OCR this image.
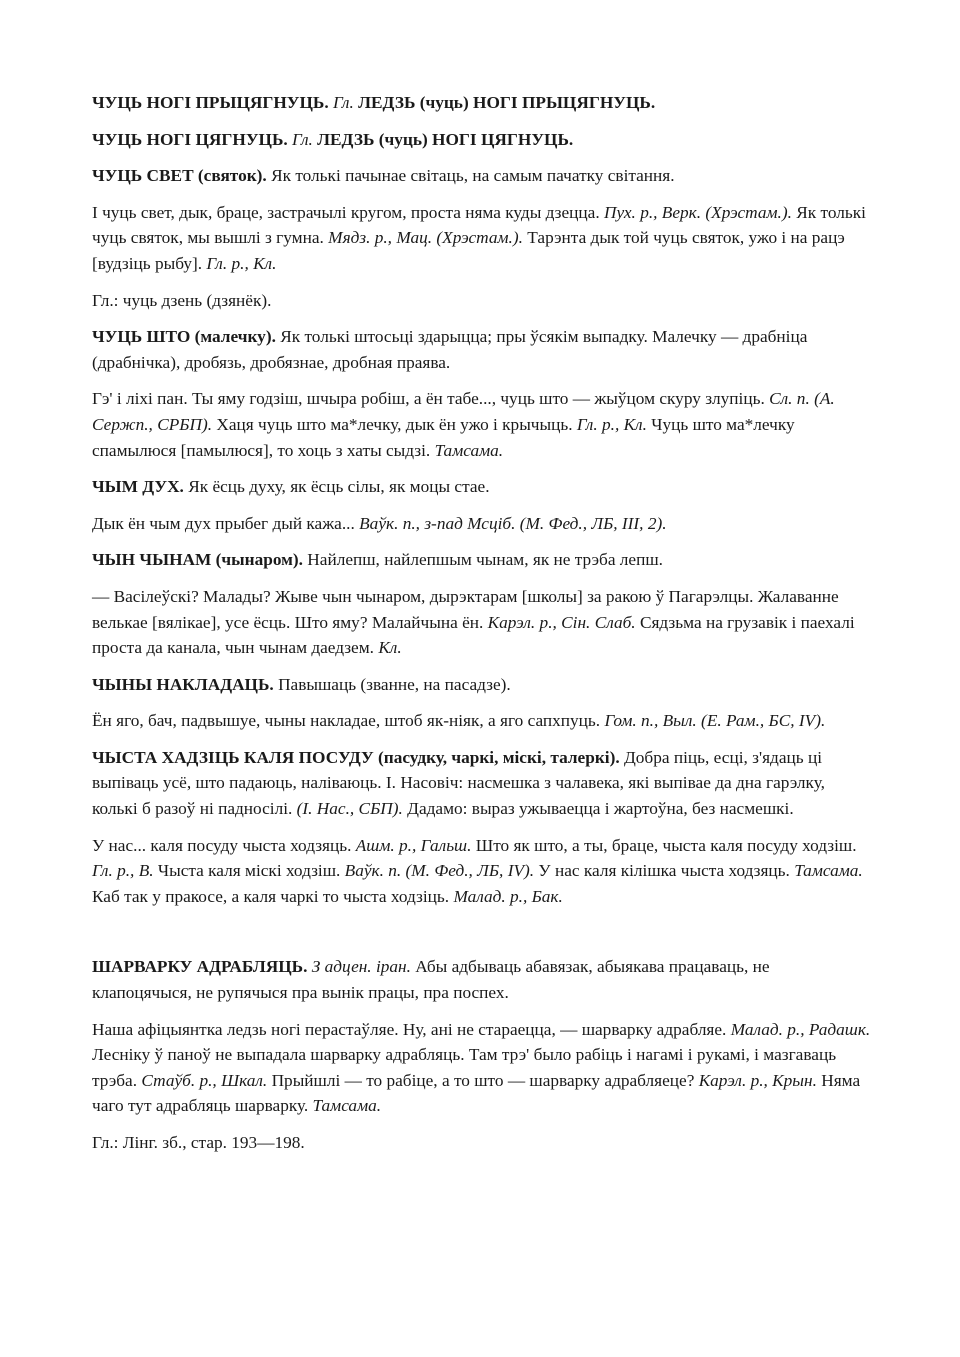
ЧУЦЬ НОГІ ПРЫЦЯГНУЦЬ. Гл. ЛЕДЗЬ (чуць) НОГІ ПРЫЦЯГНУЦЬ.

ЧУЦЬ НОГІ ЦЯГНУЦЬ. Гл. ЛЕДЗЬ (чуць) НОГІ ЦЯГНУЦЬ.

ЧУЦЬ СВЕТ (святок). Як толькі пачынае світаць, на самым пачатку світання.

І чуць свет, дык, браце, застрачылі кругом, проста няма куды дзецца. Пух. р., Верк. (Хрэстам.). Як толькі чуць святок, мы вышлі з гумна. Мядз. р., Мац. (Хрэстам.). Тарэнта дык той чуць святок, ужо і на рацэ [вудзіць рыбу]. Гл. р., Кл.

Гл.: чуць дзень (дзянёк).

ЧУЦЬ ШТО (малечку). Як толькі штосьці здарыцца; пры ўсякім выпадку. Малечку — драбніца (драбнічка), дробязь, дробязнае, дробная праява.

Гэ' і ліхі пан. Ты яму годзіш, шчыра робіш, а ён табе..., чуць што — жыўцом скуру злупіць. Сл. п. (А. Сержп., СРБП). Хаця чуць што ма*лечку, дык ён ужо і крычыць. Гл. р., Кл. Чуць што ма*лечку спамылюся [памылюся], то хоць з хаты сыдзі. Тамсама.

ЧЫМ ДУХ. Як ёсць духу, як ёсць сілы, як моцы стае.

Дык ён чым дух прыбег дый кажа... Ваўк. п., з-пад Мсціб. (М. Фед., ЛБ, III, 2).

ЧЫН ЧЫНАМ (чынаром). Найлепш, найлепшым чынам, як не трэба лепш.

— Васілеўскі? Малады? Жыве чын чынаром, дырэктарам [школы] за ракою ў Пагарэлцы. Жалаванне велькае [вялікае], усе ёсць. Што яму? Малайчына ён. Карэл. р., Сін. Слаб. Сядзьма на грузавік і паехалі проста да канала, чын чынам даедзем. Кл.

ЧЫНЫ НАКЛАДАЦЬ. Павышаць (званне, на пасадзе).

Ён яго, бач, падвышуе, чыны накладае, штоб як-ніяк, а яго сапхпуць. Гом. п., Выл. (Е. Рам., БС, IV).

ЧЫСТА ХАДЗІЦЬ КАЛЯ ПОСУДУ (пасудку, чаркі, міскі, талеркі). Добра піць, есці, з'ядаць ці выпіваць усё, што падаюць, наліваюць. І. Насовіч: насмешка з чалавека, які выпівае да дна гарэлку, колькі б разоў ні падносілі. (І. Нас., СБП). Дадамо: выраз ужываецца і жартоўна, без насмешкі.

У нас... каля посуду чыста ходзяць. Ашм. р., Гальш. Што як што, а ты, браце, чыста каля посуду ходзіш. Гл. р., В. Чыста каля міскі ходзіш. Ваўк. п. (М. Фед., ЛБ, IV). У нас каля кілішка чыста ходзяць. Тамсама. Каб так у пракосе, а каля чаркі то чыста ходзіць. Малад. р., Бак.

ШАРВАРКУ АДРАБЛЯЦЬ. З адцен. іран. Абы адбываць абавязак, абыякава працаваць, не клапоцячыся, не рупячыся пра вынік працы, пра поспех.

Наша афіцыянтка ледзь ногі перастаўляе. Ну, ані не стараецца, — шарварку адрабляе. Малад. р., Радашк. Лесніку ў паноў не выпадала шарварку адрабляць. Там трэ' было рабіць і нагамі і рукамі, і мазгаваць трэба. Стаўб. р., Шкал. Прыйшлі — то рабіце, а то што — шарварку адрабляеце? Карэл. р., Крын. Няма чаго тут адрабляць шарварку. Тамсама.

Гл.: Лінг. зб., стар. 193—198.
